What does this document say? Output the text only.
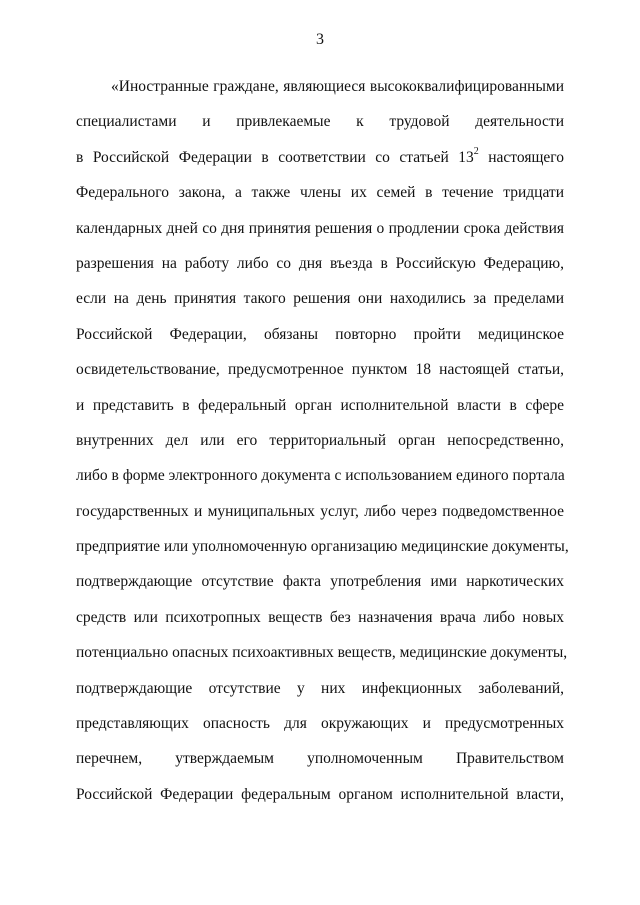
3
«Иностранные граждане, являющиеся высококвалифицированными
специалистами и привлекаемые к трудовой деятельности
в Российской Федерации в соответствии со статьей $13^2$ настоящего
Федерального закона, а также члены их семей в течение тридцати
календарных дней со дня принятия решения о продлении срока действия
разрешения на работу либо со дня въезда в Российскую Федерацию,
если на день принятия такого решения они находились за пределами
Российской Федерации, обязаны повторно пройти медицинское
освидетельствование, предусмотренное пунктом 18 настоящей статьи,
и представить в федеральный орган исполнительной власти в сфере
внутренних дел или его территориальный орган непосредственно,
либо в форме электронного документа с использованием единого портала
государственных и муниципальных услуг, либо через подведомственное
предприятие или уполномоченную организацию медицинские документы,
подтверждающие отсутствие факта употребления ими наркотических
средств или психотропных веществ без назначения врача либо новых
потенциально опасных психоактивных веществ, медицинские документы,
подтверждающие отсутствие у них инфекционных заболеваний,
представляющих опасность для окружающих и предусмотренных
перечнем, утверждаемым уполномоченным Правительством
Российской Федерации федеральным органом исполнительной власти,
